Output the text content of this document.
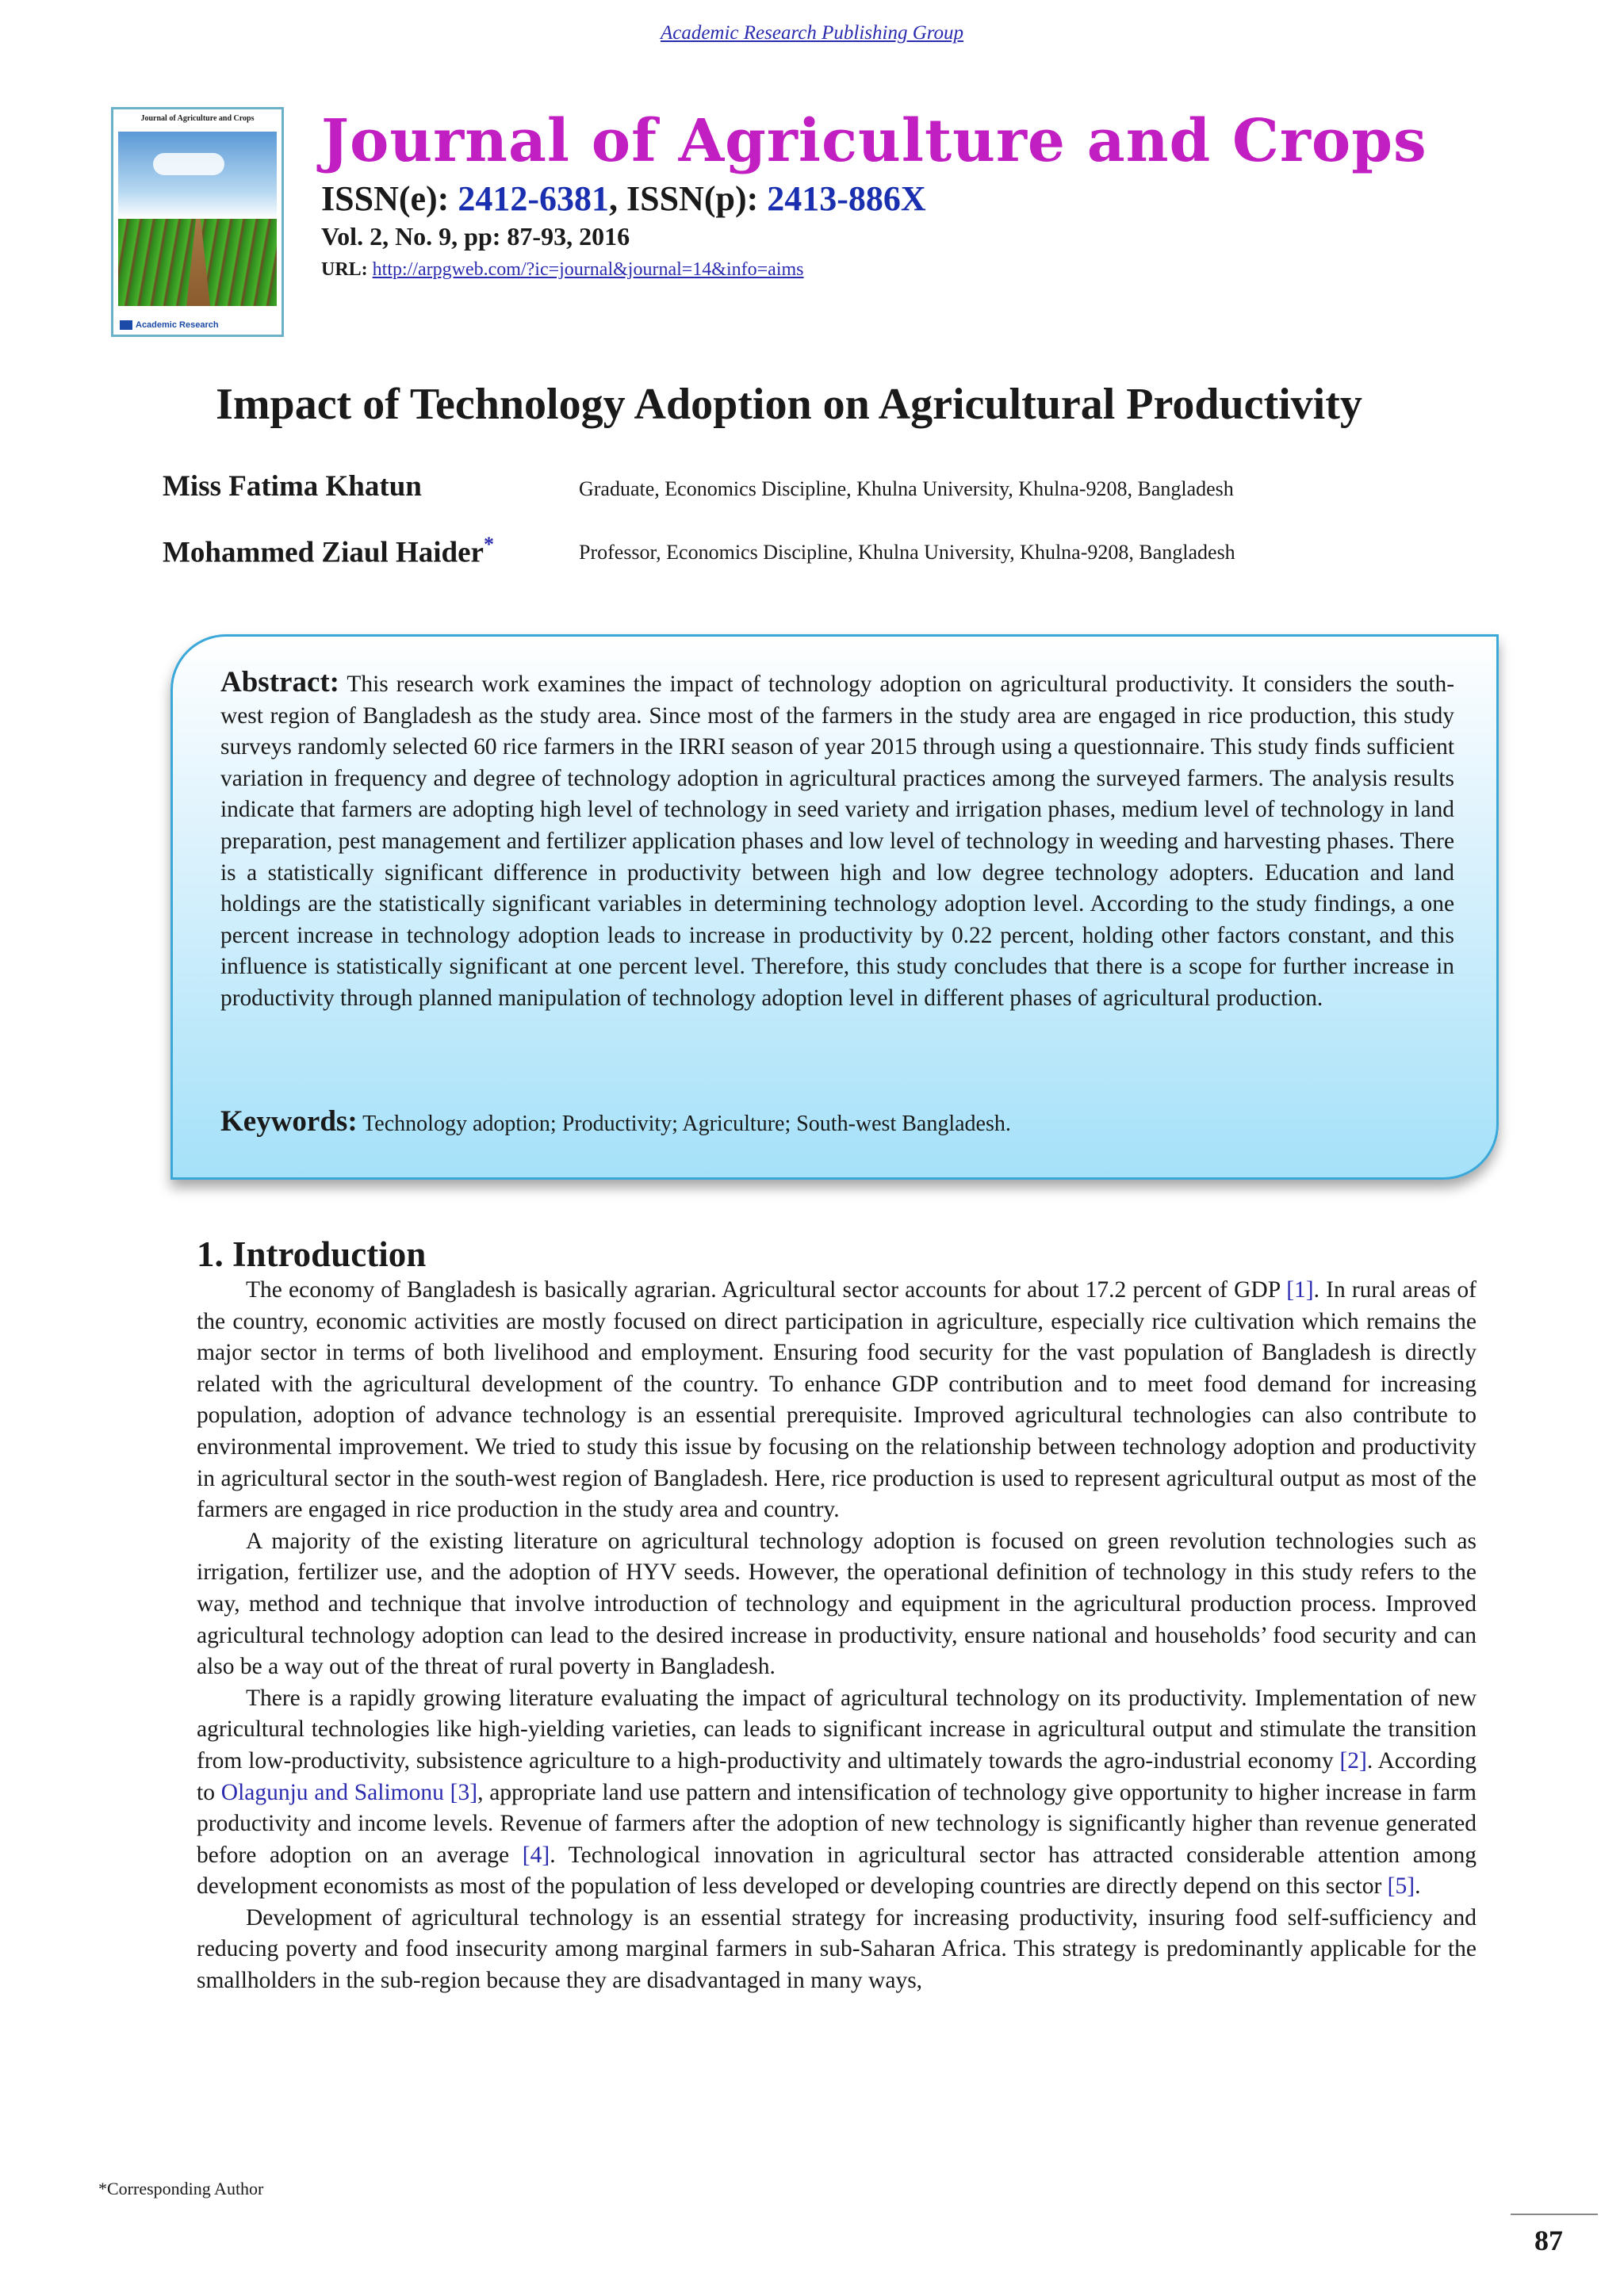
Academic Research Publishing Group
Journal of Agriculture and Crops
Academic Research
Journal of Agriculture and Crops
ISSN(e): 2412-6381, ISSN(p): 2413-886X
Vol. 2, No. 9, pp: 87-93, 2016
URL: http://arpgweb.com/?ic=journal&journal=14&info=aims
Impact of Technology Adoption on Agricultural Productivity
Miss Fatima Khatun	Graduate, Economics Discipline, Khulna University, Khulna-9208, Bangladesh
Mohammed Ziaul Haider*	Professor, Economics Discipline, Khulna University, Khulna-9208, Bangladesh
Abstract: This research work examines the impact of technology adoption on agricultural productivity. It considers the south-west region of Bangladesh as the study area. Since most of the farmers in the study area are engaged in rice production, this study surveys randomly selected 60 rice farmers in the IRRI season of year 2015 through using a questionnaire. This study finds sufficient variation in frequency and degree of technology adoption in agricultural practices among the surveyed farmers. The analysis results indicate that farmers are adopting high level of technology in seed variety and irrigation phases, medium level of technology in land preparation, pest management and fertilizer application phases and low level of technology in weeding and harvesting phases. There is a statistically significant difference in productivity between high and low degree technology adopters. Education and land holdings are the statistically significant variables in determining technology adoption level. According to the study findings, a one percent increase in technology adoption leads to increase in productivity by 0.22 percent, holding other factors constant, and this influence is statistically significant at one percent level. Therefore, this study concludes that there is a scope for further increase in productivity through planned manipulation of technology adoption level in different phases of agricultural production.
Keywords: Technology adoption; Productivity; Agriculture; South-west Bangladesh.
1. Introduction

The economy of Bangladesh is basically agrarian. Agricultural sector accounts for about 17.2 percent of GDP [1]. In rural areas of the country, economic activities are mostly focused on direct participation in agriculture, especially rice cultivation which remains the major sector in terms of both livelihood and employment. Ensuring food security for the vast population of Bangladesh is directly related with the agricultural development of the country. To enhance GDP contribution and to meet food demand for increasing population, adoption of advance technology is an essential prerequisite. Improved agricultural technologies can also contribute to environmental improvement. We tried to study this issue by focusing on the relationship between technology adoption and productivity in agricultural sector in the south-west region of Bangladesh. Here, rice production is used to represent agricultural output as most of the farmers are engaged in rice production in the study area and country.

A majority of the existing literature on agricultural technology adoption is focused on green revolution technologies such as irrigation, fertilizer use, and the adoption of HYV seeds. However, the operational definition of technology in this study refers to the way, method and technique that involve introduction of technology and equipment in the agricultural production process. Improved agricultural technology adoption can lead to the desired increase in productivity, ensure national and households’ food security and can also be a way out of the threat of rural poverty in Bangladesh.

There is a rapidly growing literature evaluating the impact of agricultural technology on its productivity. Implementation of new agricultural technologies like high-yielding varieties, can leads to significant increase in agricultural output and stimulate the transition from low-productivity, subsistence agriculture to a high-productivity and ultimately towards the agro-industrial economy [2]. According to Olagunju and Salimonu [3], appropriate land use pattern and intensification of technology give opportunity to higher increase in farm productivity and income levels. Revenue of farmers after the adoption of new technology is significantly higher than revenue generated before adoption on an average [4]. Technological innovation in agricultural sector has attracted considerable attention among development economists as most of the population of less developed or developing countries are directly depend on this sector [5].

Development of agricultural technology is an essential strategy for increasing productivity, insuring food self-sufficiency and reducing poverty and food insecurity among marginal farmers in sub-Saharan Africa. This strategy is predominantly applicable for the smallholders in the sub-region because they are disadvantaged in many ways,

*Corresponding Author
87
